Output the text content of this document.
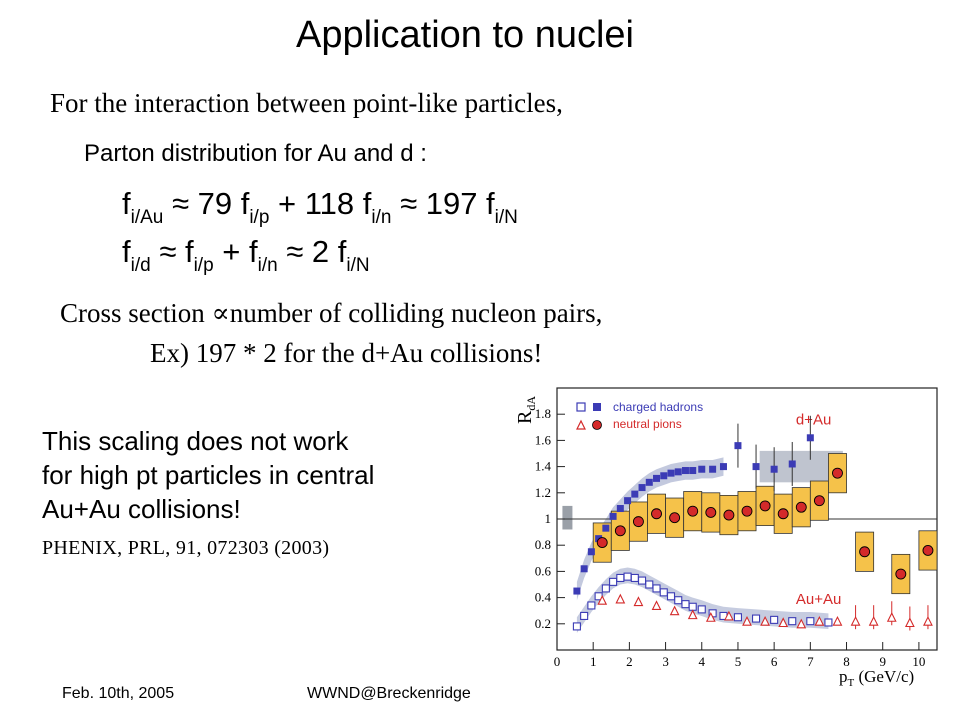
Application to nuclei
For the interaction between point-like particles,
Parton distribution for Au and d :
$f_{i/Au} \approx 79$ $f_{i/p} + 118$ $f_{i/n} \approx 197$ $f_{i/N}$
$f_{i/d} \approx f_{i/p} + f_{i/n} \approx 2$ $f_{i/N}$
Cross section ∝number of colliding nucleon pairs,
Ex) 197 * 2 for the d+Au collisions!
This scaling does not work
for high pt particles in central
Au+Au collisions!
PHENIX, PRL, 91, 072303 (2003)
Feb. 10th, 2005	WWND@Breckenridge
0 1 2 3 4 5 6 7 8 9 10
0.2
0.4
0.6
0.8
1
1.2
1.4
1.6
1.8
$R_{dA}$
$p_T$ (GeV/c)
charged hadrons
neutral pions	d+Au
Au+Au
